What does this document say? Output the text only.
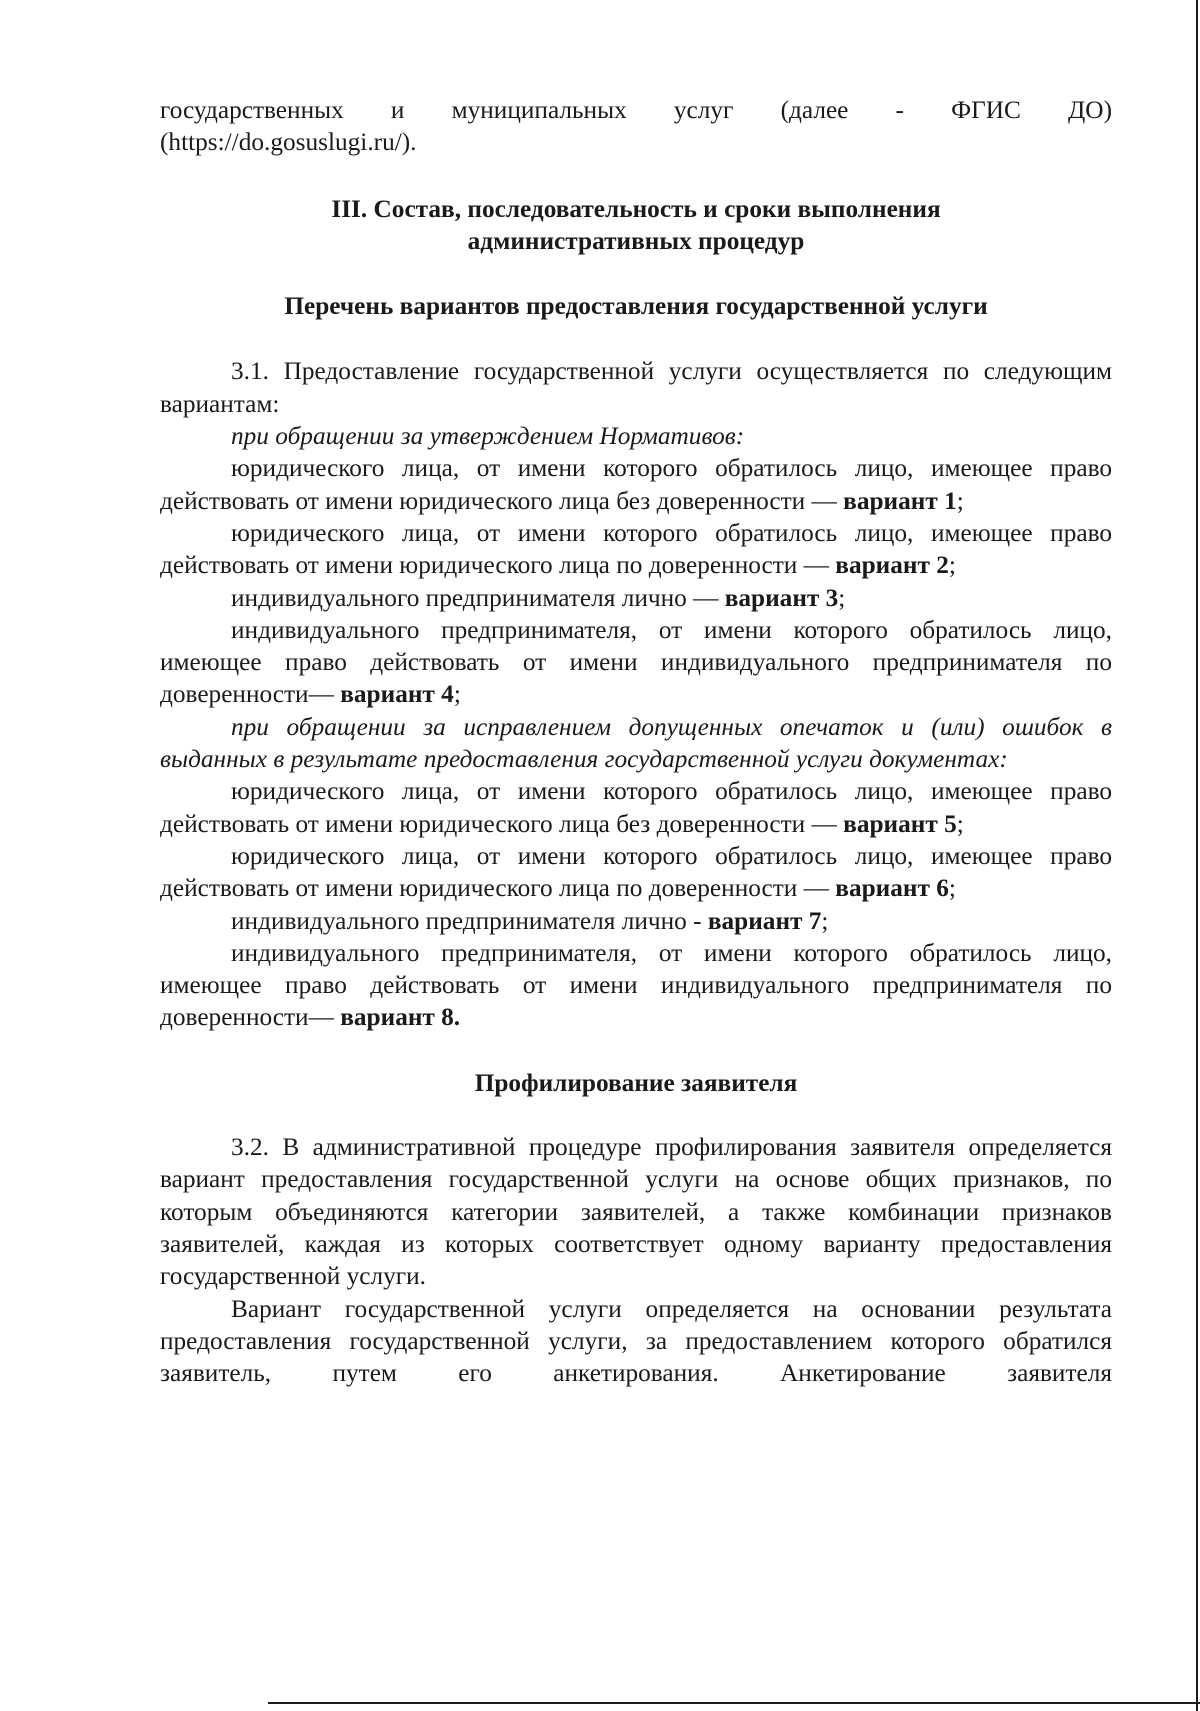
государственных и муниципальных услуг (далее - ФГИС ДО)

(https://do.gosuslugi.ru/).

III. Состав, последовательность и сроки выполнения

административных процедур

Перечень вариантов предоставления государственной услуги

3.1. Предоставление государственной услуги осуществляется по следующим вариантам:

при обращении за утверждением Нормативов:

юридического лица, от имени которого обратилось лицо, имеющее право действовать от имени юридического лица без доверенности — вариант 1;

юридического лица, от имени которого обратилось лицо, имеющее право действовать от имени юридического лица по доверенности — вариант 2;

индивидуального предпринимателя лично — вариант 3;

индивидуального предпринимателя, от имени которого обратилось лицо, имеющее право действовать от имени индивидуального предпринимателя по доверенности— вариант 4;

при обращении за исправлением допущенных опечаток и (или) ошибок в выданных в результате предоставления государственной услуги документах:

юридического лица, от имени которого обратилось лицо, имеющее право действовать от имени юридического лица без доверенности — вариант 5;

юридического лица, от имени которого обратилось лицо, имеющее право действовать от имени юридического лица по доверенности — вариант 6;

индивидуального предпринимателя лично - вариант 7;

индивидуального предпринимателя, от имени которого обратилось лицо, имеющее право действовать от имени индивидуального предпринимателя по доверенности— вариант 8.

Профилирование заявителя

3.2. В административной процедуре профилирования заявителя определяется вариант предоставления государственной услуги на основе общих признаков, по которым объединяются категории заявителей, а также комбинации признаков заявителей, каждая из которых соответствует одному варианту предоставления государственной услуги.

Вариант государственной услуги определяется на основании результата предоставления государственной услуги, за предоставлением которого обратился заявитель, путем его анкетирования. Анкетирование заявителя
